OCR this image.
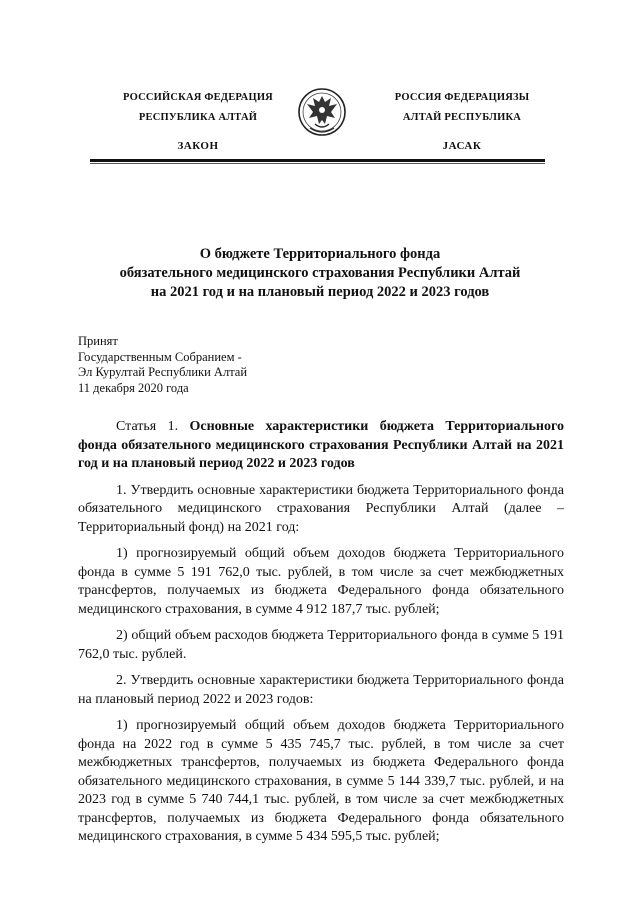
РОССИЙСКАЯ ФЕДЕРАЦИЯ
РЕСПУБЛИКА АЛТАЙ
ЗАКОН
РОССИЯ ФЕДЕРАЦИЯЗЫ
АЛТАЙ РЕСПУБЛИКА
JАСАК
О бюджете Территориального фонда
обязательного медицинского страхования Республики Алтай
на 2021 год и на плановый период 2022 и 2023 годов
Принят
Государственным Собранием -
Эл Курултай Республики Алтай
11 декабря 2020 года

Статья 1. Основные характеристики бюджета Территориального фонда обязательного медицинского страхования Республики Алтай на 2021 год и на плановый период 2022 и 2023 годов

1. Утвердить основные характеристики бюджета Территориального фонда обязательного медицинского страхования Республики Алтай (далее – Территориальный фонд) на 2021 год:

1) прогнозируемый общий объем доходов бюджета Территориального фонда в сумме 5 191 762,0 тыс. рублей, в том числе за счет межбюджетных трансфертов, получаемых из бюджета Федерального фонда обязательного медицинского страхования, в сумме 4 912 187,7 тыс. рублей;

2) общий объем расходов бюджета Территориального фонда в сумме 5 191 762,0 тыс. рублей.

2. Утвердить основные характеристики бюджета Территориального фонда на плановый период 2022 и 2023 годов:

1) прогнозируемый общий объем доходов бюджета Территориального фонда на 2022 год в сумме 5 435 745,7 тыс. рублей, в том числе за счет межбюджетных трансфертов, получаемых из бюджета Федерального фонда обязательного медицинского страхования, в сумме 5 144 339,7 тыс. рублей, и на 2023 год в сумме 5 740 744,1 тыс. рублей, в том числе за счет межбюджетных трансфертов, получаемых из бюджета Федерального фонда обязательного медицинского страхования, в сумме 5 434 595,5 тыс. рублей;
